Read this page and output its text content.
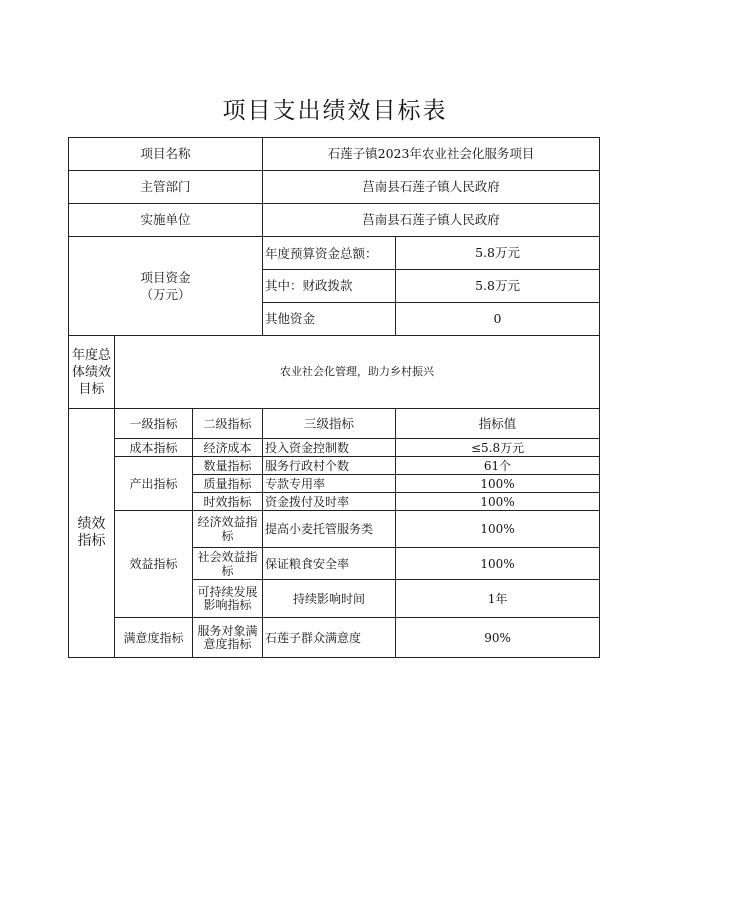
项目支出绩效目标表
项目名称			石莲子镇2023年农业社会化服务项目	
主管部门			莒南县石莲子镇人民政府	
实施单位			莒南县石莲子镇人民政府	
项目资金
（万元）			年度预算资金总额：	5.8万元
			其中：财政拨款	5.8万元
			其他资金	0
年度总体绩效目标	农业社会化管理，助力乡村振兴			
绩效指标	一级指标	二级指标	三级指标	指标值
	成本指标	经济成本	投入资金控制数	≤5.8万元
	产出指标	数量指标	服务行政村个数	61个
		质量指标	专款专用率	100%
		时效指标	资金拨付及时率	100%
	效益指标	经济效益指标	提高小麦托管服务类	100%
		社会效益指标	保证粮食安全率	100%
		可持续发展影响指标	持续影响时间	1年
	满意度指标	服务对象满意度指标	石莲子群众满意度	90%
